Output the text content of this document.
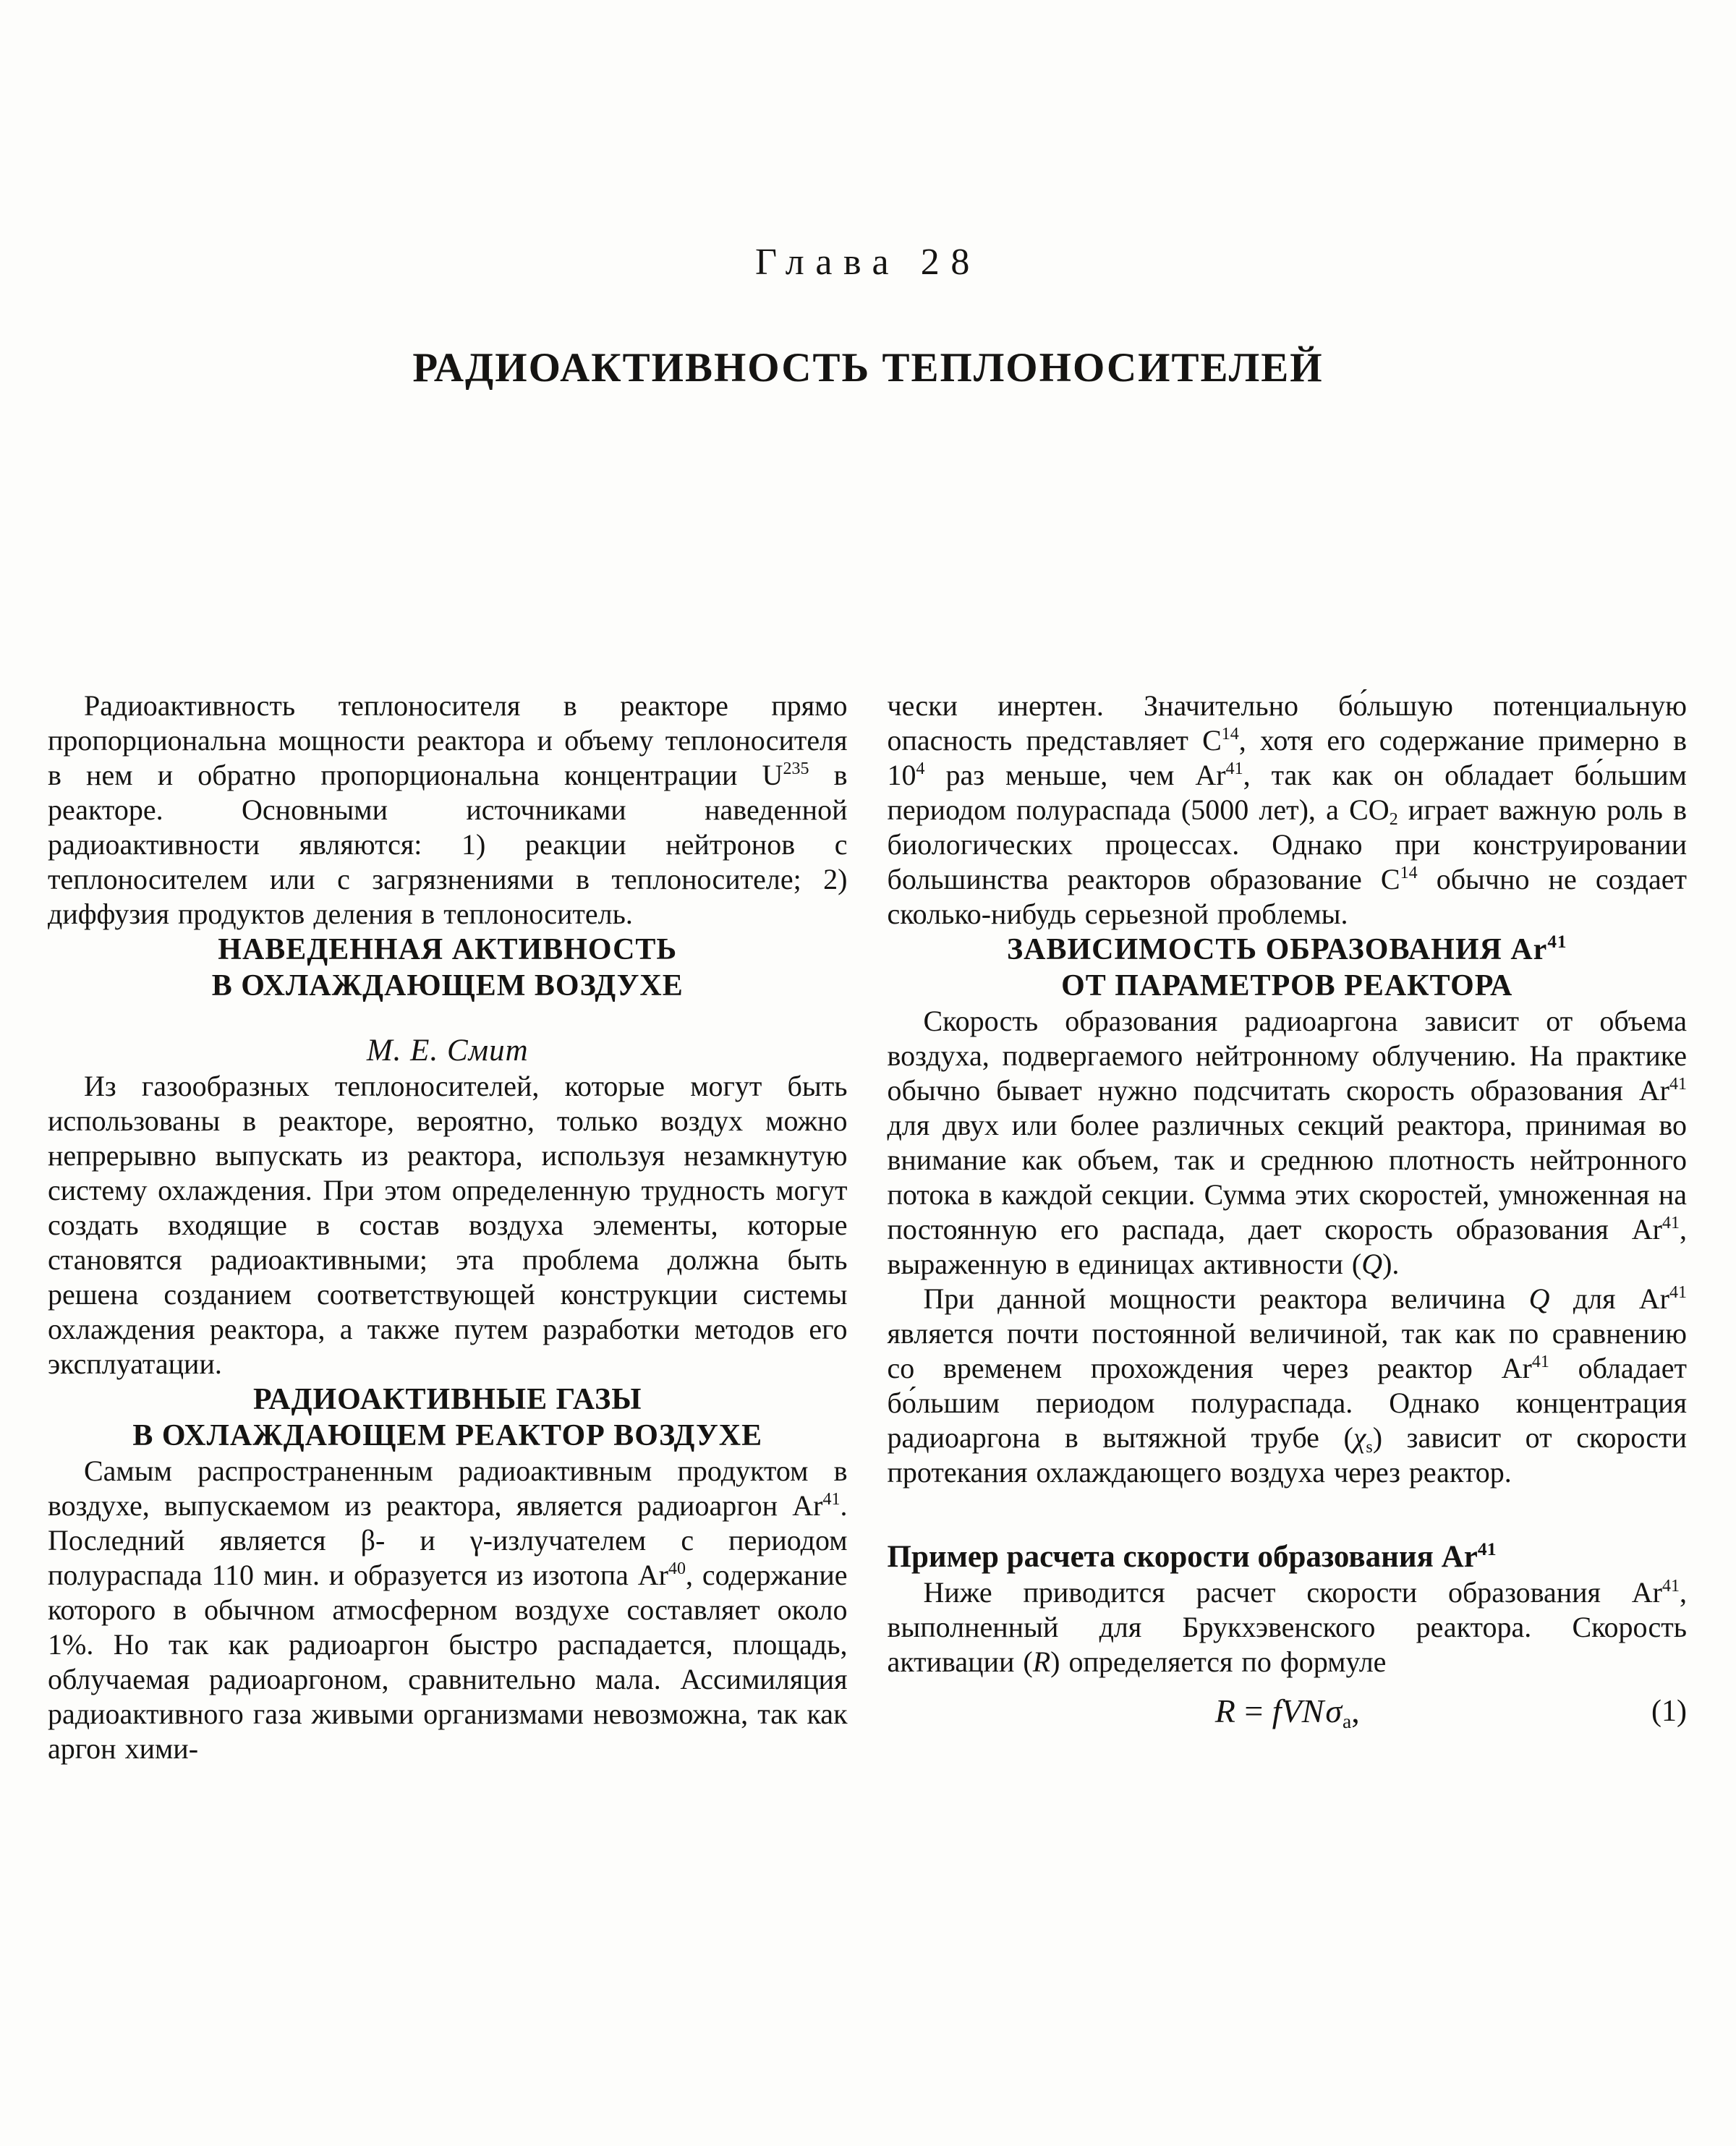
Глава 28
РАДИОАКТИВНОСТЬ ТЕПЛОНОСИТЕЛЕЙ

Радиоактивность теплоносителя в реакторе прямо пропорциональна мощности реактора и объему теплоносителя в нем и обратно пропорциональна концентрации $U^{235}$ в реакторе. Основными источниками наведенной радиоактивности являются: 1) реакции нейтронов с теплоносителем или с загрязнениями в теплоносителе; 2) диффузия продуктов деления в теплоноситель.

НАВЕДЕННАЯ АКТИВНОСТЬ
В ОХЛАЖДАЮЩЕМ ВОЗДУХЕ
М. Е. Смит

Из газообразных теплоносителей, которые могут быть использованы в реакторе, вероятно, только воздух можно непрерывно выпускать из реактора, используя незамкнутую систему охлаждения. При этом определенную трудность могут создать входящие в состав воздуха элементы, которые становятся радиоактивными; эта проблема должна быть решена созданием соответствующей конструкции системы охлаждения реактора, а также путем разработки методов его эксплуатации.

РАДИОАКТИВНЫЕ ГАЗЫ
В ОХЛАЖДАЮЩЕМ РЕАКТОР ВОЗДУХЕ

Самым распространенным радиоактивным продуктом в воздухе, выпускаемом из реактора, является радиоаргон Ar$^{41}$. Последний является β- и γ-излучателем с периодом полураспада 110 мин. и образуется из изотопа Ar$^{40}$, содержание которого в обычном атмосферном воздухе составляет около 1%. Но так как радиоаргон быстро распадается, площадь, облучаемая радиоаргоном, сравнительно мала. Ассимиляция радиоактивного газа живыми организмами невозможна, так как аргон хими-

чески инертен. Значительно бо́льшую потенциальную опасность представляет $C^{14}$, хотя его содержание примерно в $10^4$ раз меньше, чем Ar$^{41}$, так как он обладает бо́льшим периодом полураспада (5000 лет), а $CO_2$ играет важную роль в биологических процессах. Однако при конструировании большинства реакторов образование $C^{14}$ обычно не создает сколько-нибудь серьезной проблемы.

ЗАВИСИМОСТЬ ОБРАЗОВАНИЯ Ar$^{41}$
ОТ ПАРАМЕТРОВ РЕАКТОРА

Скорость образования радиоаргона зависит от объема воздуха, подвергаемого нейтронному облучению. На практике обычно бывает нужно подсчитать скорость образования Ar$^{41}$ для двух или более различных секций реактора, принимая во внимание как объем, так и среднюю плотность нейтронного потока в каждой секции. Сумма этих скоростей, умноженная на постоянную его распада, дает скорость образования Ar$^{41}$, выраженную в единицах активности (Q).

При данной мощности реактора величина Q для Ar$^{41}$ является почти постоянной величиной, так как по сравнению со временем прохождения через реактор Ar$^{41}$ обладает бо́льшим периодом полураспада. Однако концентрация радиоаргона в вытяжной трубе $(\chi_s)$ зависит от скорости протекания охлаждающего воздуха через реактор.

Пример расчета скорости образования Ar$^{41}$

Ниже приводится расчет скорости образования Ar$^{41}$, выполненный для Брукхэвенского реактора. Скорость активации (R) определяется по формуле

R = fVNσ$_a$,	(1)
